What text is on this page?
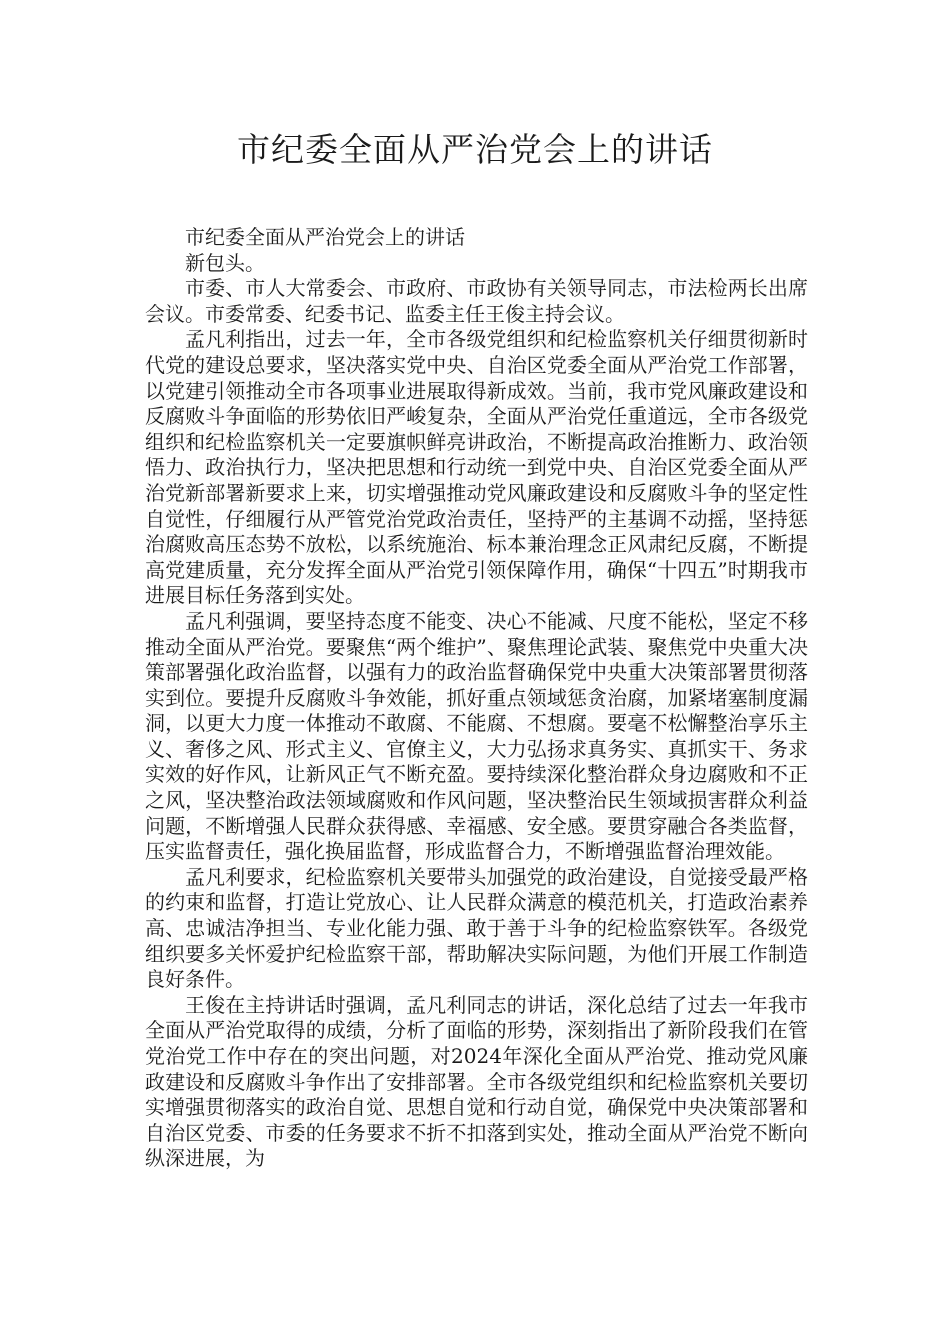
市纪委全面从严治党会上的讲话

市纪委全面从严治党会上的讲话

新包头。

市委、市人大常委会、市政府、市政协有关领导同志，市法检两长出席会议。市委常委、纪委书记、监委主任王俊主持会议。

孟凡利指出，过去一年，全市各级党组织和纪检监察机关仔细贯彻新时代党的建设总要求，坚决落实党中央、自治区党委全面从严治党工作部署，以党建引领推动全市各项事业进展取得新成效。当前，我市党风廉政建设和反腐败斗争面临的形势依旧严峻复杂，全面从严治党任重道远，全市各级党组织和纪检监察机关一定要旗帜鲜亮讲政治，不断提高政治推断力、政治领悟力、政治执行力，坚决把思想和行动统一到党中央、自治区党委全面从严治党新部署新要求上来，切实增强推动党风廉政建设和反腐败斗争的坚定性自觉性，仔细履行从严管党治党政治责任，坚持严的主基调不动摇，坚持惩治腐败高压态势不放松，以系统施治、标本兼治理念正风肃纪反腐，不断提高党建质量，充分发挥全面从严治党引领保障作用，确保“十四五”时期我市进展目标任务落到实处。

孟凡利强调，要坚持态度不能变、决心不能减、尺度不能松，坚定不移推动全面从严治党。要聚焦“两个维护”、聚焦理论武装、聚焦党中央重大决策部署强化政治监督，以强有力的政治监督确保党中央重大决策部署贯彻落实到位。要提升反腐败斗争效能，抓好重点领域惩贪治腐，加紧堵塞制度漏洞，以更大力度一体推动不敢腐、不能腐、不想腐。要毫不松懈整治享乐主义、奢侈之风、形式主义、官僚主义，大力弘扬求真务实、真抓实干、务求实效的好作风，让新风正气不断充盈。要持续深化整治群众身边腐败和不正之风，坚决整治政法领域腐败和作风问题，坚决整治民生领域损害群众利益问题，不断增强人民群众获得感、幸福感、安全感。要贯穿融合各类监督，压实监督责任，强化换届监督，形成监督合力，不断增强监督治理效能。

孟凡利要求，纪检监察机关要带头加强党的政治建设，自觉接受最严格的约束和监督，打造让党放心、让人民群众满意的模范机关，打造政治素养高、忠诚洁净担当、专业化能力强、敢于善于斗争的纪检监察铁军。各级党组织要多关怀爱护纪检监察干部，帮助解决实际问题，为他们开展工作制造良好条件。

王俊在主持讲话时强调，孟凡利同志的讲话，深化总结了过去一年我市全面从严治党取得的成绩，分析了面临的形势，深刻指出了新阶段我们在管党治党工作中存在的突出问题，对2024年深化全面从严治党、推动党风廉政建设和反腐败斗争作出了安排部署。全市各级党组织和纪检监察机关要切实增强贯彻落实的政治自觉、思想自觉和行动自觉，确保党中央决策部署和自治区党委、市委的任务要求不折不扣落到实处，推动全面从严治党不断向纵深进展，为
